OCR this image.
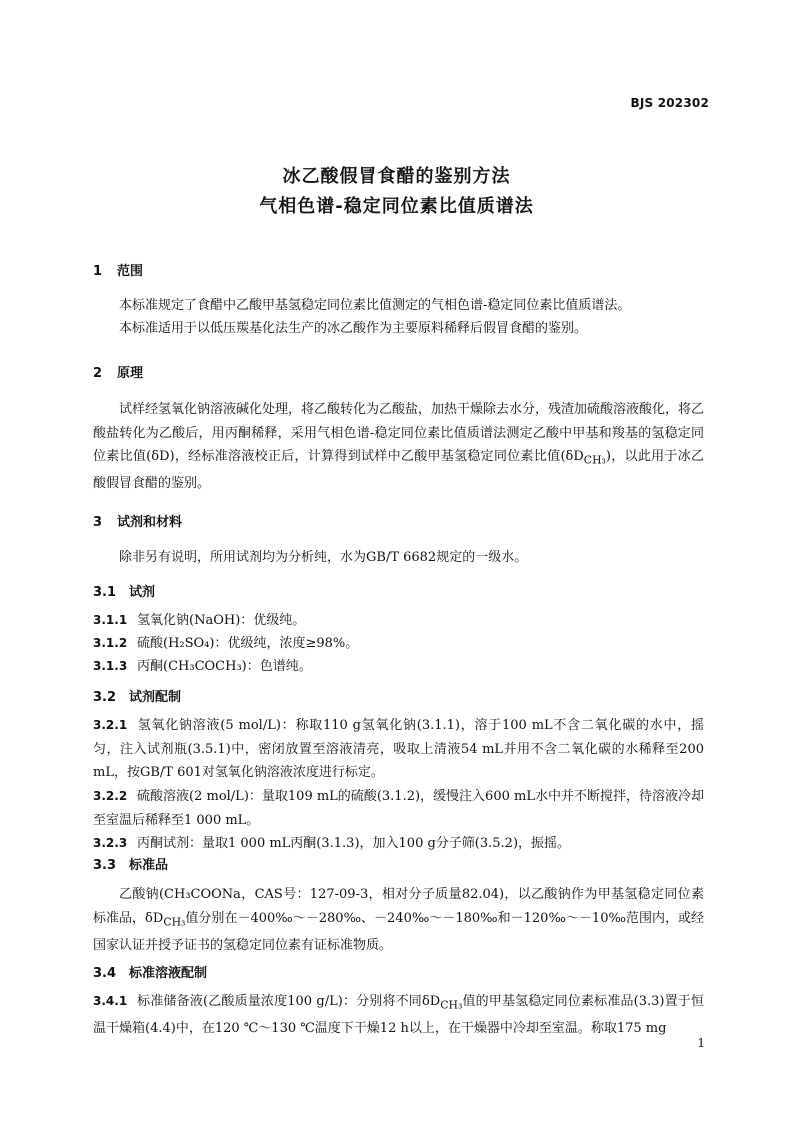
BJS 202302
冰乙酸假冒食醋的鉴别方法
气相色谱-稳定同位素比值质谱法
1 范围
本标准规定了食醋中乙酸甲基氢稳定同位素比值测定的气相色谱-稳定同位素比值质谱法。
本标准适用于以低压羰基化法生产的冰乙酸作为主要原料稀释后假冒食醋的鉴别。
2 原理
试样经氢氧化钠溶液碱化处理，将乙酸转化为乙酸盐，加热干燥除去水分，残渣加硫酸溶液酸化，将乙酸盐转化为乙酸后，用丙酮稀释，采用气相色谱-稳定同位素比值质谱法测定乙酸中甲基和羧基的氢稳定同位素比值(δD)，经标准溶液校正后，计算得到试样中乙酸甲基氢稳定同位素比值$(\delta D_{CH_3})$，以此用于冰乙酸假冒食醋的鉴别。
3 试剂和材料
除非另有说明，所用试剂均为分析纯，水为GB/T 6682规定的一级水。
3.1 试剂
3.1.1 氢氧化钠(NaOH)：优级纯。
3.1.2 硫酸(H₂SO₄)：优级纯，浓度≥98%。
3.1.3 丙酮(CH₃COCH₃)：色谱纯。
3.2 试剂配制
3.2.1 氢氧化钠溶液(5 mol/L)：称取110 g氢氧化钠(3.1.1)，溶于100 mL不含二氧化碳的水中，摇匀，注入试剂瓶(3.5.1)中，密闭放置至溶液清亮，吸取上清液54 mL并用不含二氧化碳的水稀释至200 mL，按GB/T 601对氢氧化钠溶液浓度进行标定。
3.2.2 硫酸溶液(2 mol/L)：量取109 mL的硫酸(3.1.2)，缓慢注入600 mL水中并不断搅拌，待溶液冷却至室温后稀释至1 000 mL。
3.2.3 丙酮试剂：量取1 000 mL丙酮(3.1.3)，加入100 g分子筛(3.5.2)，振摇。
3.3 标准品
乙酸钠(CH₃COONa，CAS号：127-09-3，相对分子质量82.04)，以乙酸钠作为甲基氢稳定同位素标准品，$\delta D_{CH_3}$值分别在－400‰～－280‰、－240‰～－180‰和－120‰～－10‰范围内，或经国家认证并授予证书的氢稳定同位素有证标准物质。
3.4 标准溶液配制
3.4.1 标准储备液(乙酸质量浓度100 g/L)：分别将不同$\delta D_{CH_3}$值的甲基氢稳定同位素标准品(3.3)置于恒温干燥箱(4.4)中，在120 ℃～130 ℃温度下干燥12 h以上，在干燥器中冷却至室温。称取175 mg
1
